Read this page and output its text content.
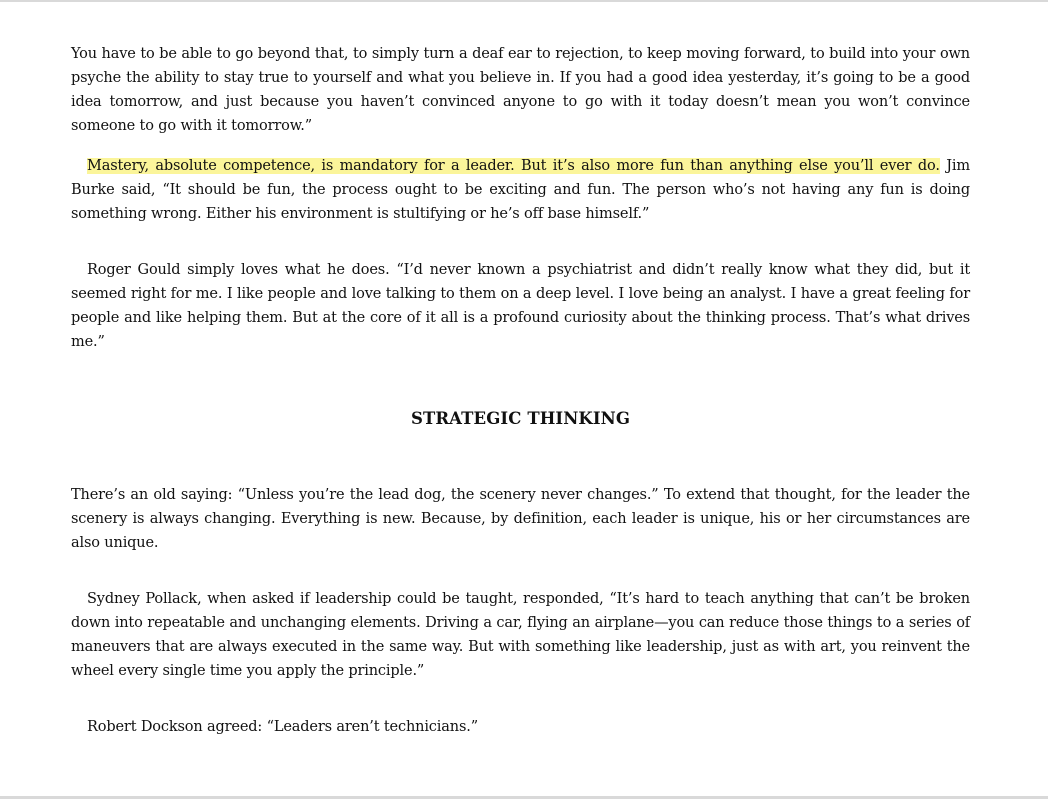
You have to be able to go beyond that, to simply turn a deaf ear to rejection, to keep moving forward, to build into your own psyche the ability to stay true to yourself and what you believe in. If you had a good idea yesterday, it’s going to be a good idea tomorrow, and just because you haven’t convinced anyone to go with it today doesn’t mean you won’t convince someone to go with it tomorrow.”

Mastery, absolute competence, is mandatory for a leader. But it’s also more fun than anything else you’ll ever do. Jim Burke said, “It should be fun, the process ought to be exciting and fun. The person who’s not having any fun is doing something wrong. Either his environment is stultifying or he’s off base himself.”

Roger Gould simply loves what he does. “I’d never known a psychiatrist and didn’t really know what they did, but it seemed right for me. I like people and love talking to them on a deep level. I love being an analyst. I have a great feeling for people and like helping them. But at the core of it all is a profound curiosity about the thinking process. That’s what drives me.”

STRATEGIC THINKING

There’s an old saying: “Unless you’re the lead dog, the scenery never changes.” To extend that thought, for the leader the scenery is always changing. Everything is new. Because, by definition, each leader is unique, his or her circumstances are also unique.

Sydney Pollack, when asked if leadership could be taught, responded, “It’s hard to teach anything that can’t be broken down into repeatable and unchanging elements. Driving a car, flying an airplane—you can reduce those things to a series of maneuvers that are always executed in the same way. But with something like leadership, just as with art, you reinvent the wheel every single time you apply the principle.”

Robert Dockson agreed: “Leaders aren’t technicians.”
